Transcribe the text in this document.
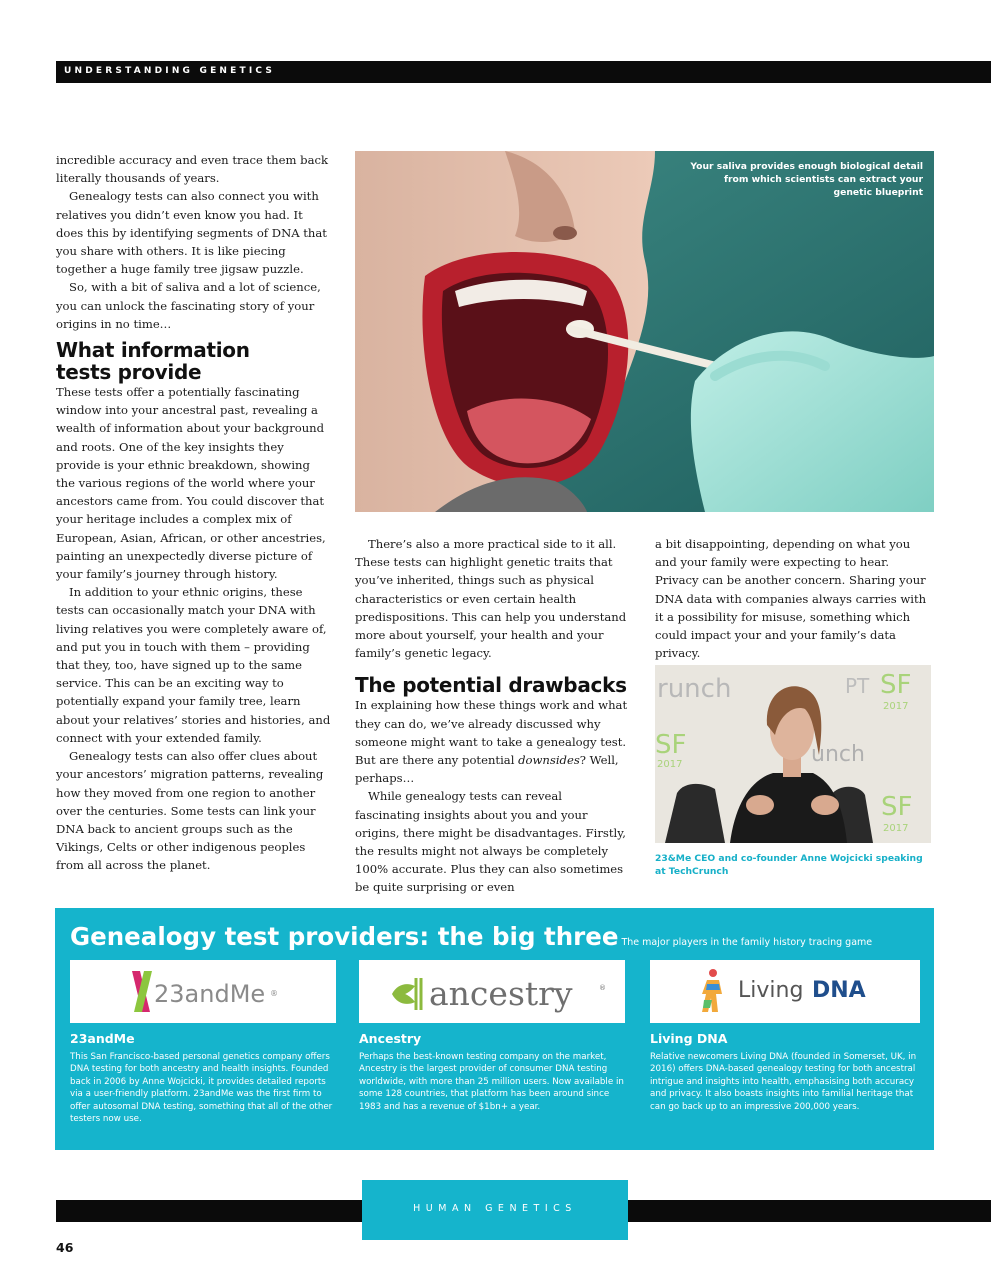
UNDERSTANDING GENETICS

incredible accuracy and even trace them back literally thousands of years.

Genealogy tests can also connect you with relatives you didn’t even know you had. It does this by identifying segments of DNA that you share with others. It is like piecing together a huge family tree jigsaw puzzle.

So, with a bit of saliva and a lot of science, you can unlock the fascinating story of your origins in no time…

What information tests provide

These tests offer a potentially fascinating window into your ancestral past, revealing a wealth of information about your background and roots. One of the key insights they provide is your ethnic breakdown, showing the various regions of the world where your ancestors came from. You could discover that your heritage includes a complex mix of European, Asian, African, or other ancestries, painting an unexpectedly diverse picture of your family’s journey through history.

In addition to your ethnic origins, these tests can occasionally match your DNA with living relatives you were completely aware of, and put you in touch with them – providing that they, too, have signed up to the same service. This can be an exciting way to potentially expand your family tree, learn about your relatives’ stories and histories, and connect with your extended family.

Genealogy tests can also offer clues about your ancestors’ migration patterns, revealing how they moved from one region to another over the centuries. Some tests can link your DNA back to ancient groups such as the Vikings, Celts or other indigenous peoples from all across the planet.

Your saliva provides enough biological detail from which scientists can extract your genetic blueprint

There’s also a more practical side to it all. These tests can highlight genetic traits that you’ve inherited, things such as physical characteristics or even certain health predispositions. This can help you understand more about yourself, your health and your family’s genetic legacy.

The potential drawbacks

In explaining how these things work and what they can do, we’ve already discussed why someone might want to take a genealogy test. But are there any potential downsides? Well, perhaps…

While genealogy tests can reveal fascinating insights about you and your origins, there might be disadvantages. Firstly, the results might not always be completely 100% accurate. Plus they can also sometimes be quite surprising or even

a bit disappointing, depending on what you and your family were expecting to hear. Privacy can be another concern. Sharing your DNA data with companies always carries with it a possibility for misuse, something which could impact your and your family’s data privacy.

runch	SF
2017
PT
SF
2017	unch
SF
2017
23&Me CEO and co-founder Anne Wojcicki speaking at TechCrunch
Genealogy test providers: the big three The major players in the family history tracing game
23andMe ®	ancestry	®	Living DNA
23andMe
This San Francisco-based personal genetics company offers DNA testing for both ancestry and health insights. Founded back in 2006 by Anne Wojcicki, it provides detailed reports via a user-friendly platform. 23andMe was the first firm to offer autosomal DNA testing, something that all of the other testers now use.
Ancestry
Perhaps the best-known testing company on the market, Ancestry is the largest provider of consumer DNA testing worldwide, with more than 25 million users. Now available in some 128 countries, that platform has been around since 1983 and has a revenue of $1bn+ a year.
Living DNA
Relative newcomers Living DNA (founded in Somerset, UK, in 2016) offers DNA-based genealogy testing for both ancestral intrigue and insights into health, emphasising both accuracy and privacy. It also boasts insights into familial heritage that can go back up to an impressive 200,000 years.
HUMAN GENETICS
46
